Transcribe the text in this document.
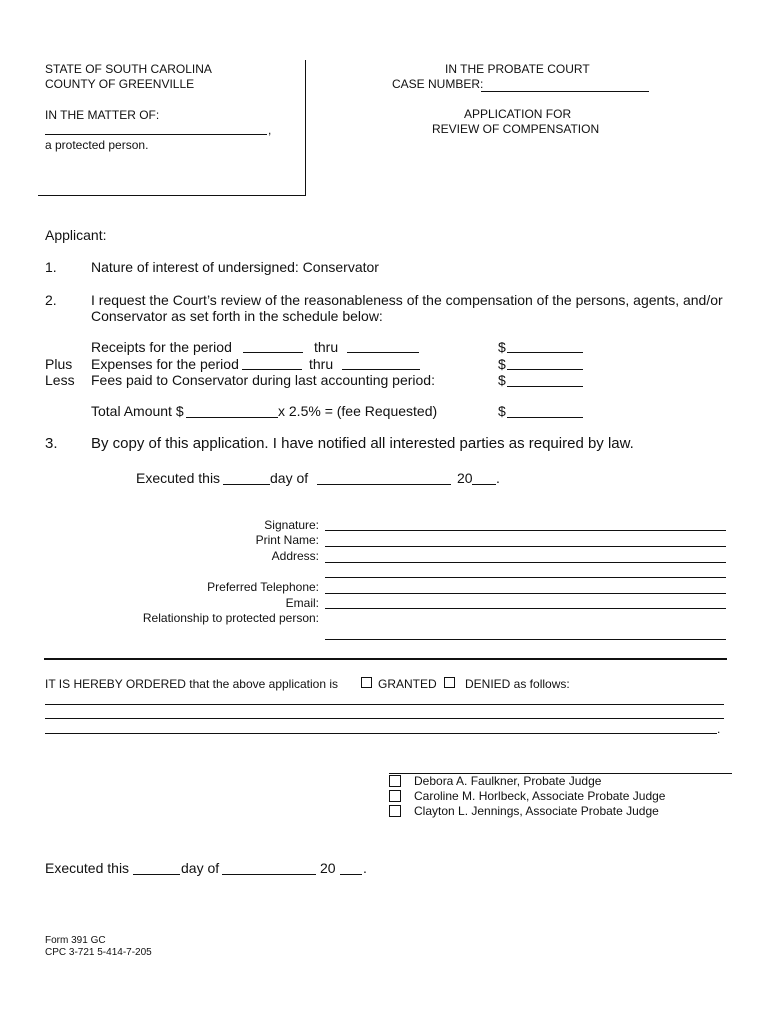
STATE OF SOUTH CAROLINA
COUNTY OF GREENVILLE
IN THE MATTER OF:
,
a protected person.
IN THE PROBATE COURT
CASE NUMBER:
APPLICATION FOR
REVIEW OF COMPENSATION
Applicant:
1. Nature of interest of undersigned: Conservator
2. I request the Court’s review of the reasonableness of the compensation of the persons, agents, and/or
Conservator as set forth in the schedule below:
Receipts for the period	thru	$
Plus Expenses for the period	thru	$
Less Fees paid to Conservator during last accounting period:	$
Total Amount $	x 2.5% = (fee Requested)	$
3. By copy of this application. I have notified all interested parties as required by law.
Executed this	day of	20 .
Signature:
Print Name:
Address:
Preferred Telephone:
Email:
Relationship to protected person:
IT IS HEREBY ORDERED that the above application is	GRANTED DENIED as follows:
.
Debora A. Faulkner, Probate Judge
Caroline M. Horlbeck, Associate Probate Judge
Clayton L. Jennings, Associate Probate Judge
Executed this	day of	20 .
Form 391 GC
CPC 3-721 5-414-7-205
